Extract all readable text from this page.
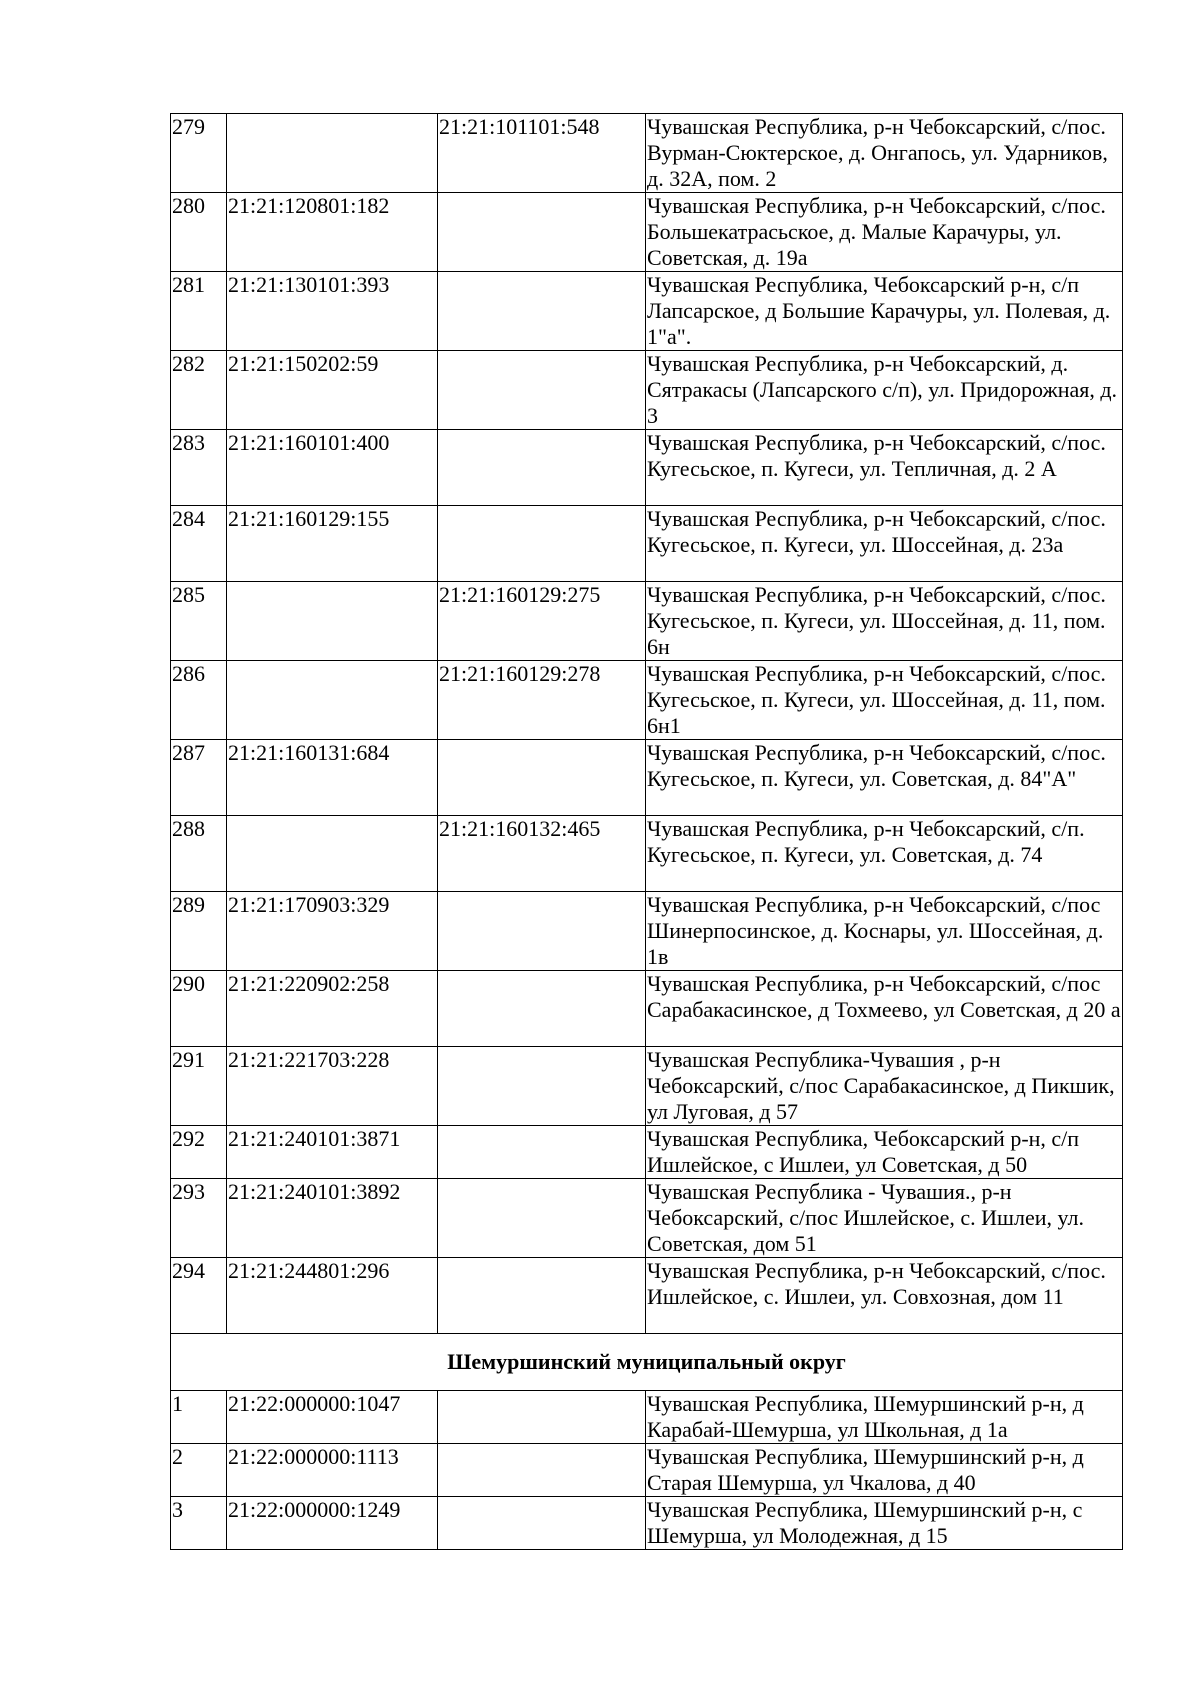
279		21:21:101101:548	Чувашская Республика, р-н Чебоксарский, с/пос. Вурман-Сюктерское, д. Онгапось, ул. Ударников, д. 32А, пом. 2

280	21:21:120801:182		Чувашская Республика, р-н Чебоксарский, с/пос. Большекатрасьское, д. Малые Карачуры, ул. Советская, д. 19а

281	21:21:130101:393		Чувашская Республика, Чебоксарский р-н, с/п Лапсарское, д Большие Карачуры, ул. Полевая, д. 1"а".

282	21:21:150202:59		Чувашская Республика, р-н Чебоксарский, д. Сятракасы (Лапсарского с/п), ул. Придорожная, д. 3

283	21:21:160101:400		Чувашская Республика, р-н Чебоксарский, с/пос. Кугесьское, п. Кугеси, ул. Тепличная, д. 2 А

284	21:21:160129:155		Чувашская Республика, р-н Чебоксарский, с/пос. Кугесьское, п. Кугеси, ул. Шоссейная, д. 23а

285		21:21:160129:275	Чувашская Республика, р-н Чебоксарский, с/пос. Кугесьское, п. Кугеси, ул. Шоссейная, д. 11, пом. 6н

286		21:21:160129:278	Чувашская Республика, р-н Чебоксарский, с/пос. Кугесьское, п. Кугеси, ул. Шоссейная, д. 11, пом. 6н1

287	21:21:160131:684		Чувашская Республика, р-н Чебоксарский, с/пос. Кугесьское, п. Кугеси, ул. Советская, д. 84"А"

288		21:21:160132:465	Чувашская Республика, р-н Чебоксарский, с/п. Кугесьское, п. Кугеси, ул. Советская, д. 74

289	21:21:170903:329		Чувашская Республика, р-н Чебоксарский, с/пос Шинерпосинское, д. Коснары, ул. Шоссейная, д. 1в

290	21:21:220902:258		Чувашская Республика, р-н Чебоксарский, с/пос Сарабакасинское, д Тохмеево, ул Советская, д 20 а

291	21:21:221703:228		Чувашская Республика-Чувашия , р-н Чебоксарский, с/пос Сарабакасинское, д Пикшик, ул Луговая, д 57

292	21:21:240101:3871		Чувашская Республика, Чебоксарский р-н, с/п Ишлейское, с Ишлеи, ул Советская, д 50

293	21:21:240101:3892		Чувашская Республика - Чувашия., р-н Чебоксарский, с/пос Ишлейское, с. Ишлеи, ул. Советская, дом 51

294	21:21:244801:296		Чувашская Республика, р-н Чебоксарский, с/пос. Ишлейское, с. Ишлеи, ул. Совхозная, дом 11

Шемуршинский муниципальный округ			

1	21:22:000000:1047		Чувашская Республика, Шемуршинский р-н, д Карабай-Шемурша, ул Школьная, д 1а

2	21:22:000000:1113		Чувашская Республика, Шемуршинский р-н, д Старая Шемурша, ул Чкалова, д 40

3	21:22:000000:1249		Чувашская Республика, Шемуршинский р-н, с Шемурша, ул Молодежная, д 15
